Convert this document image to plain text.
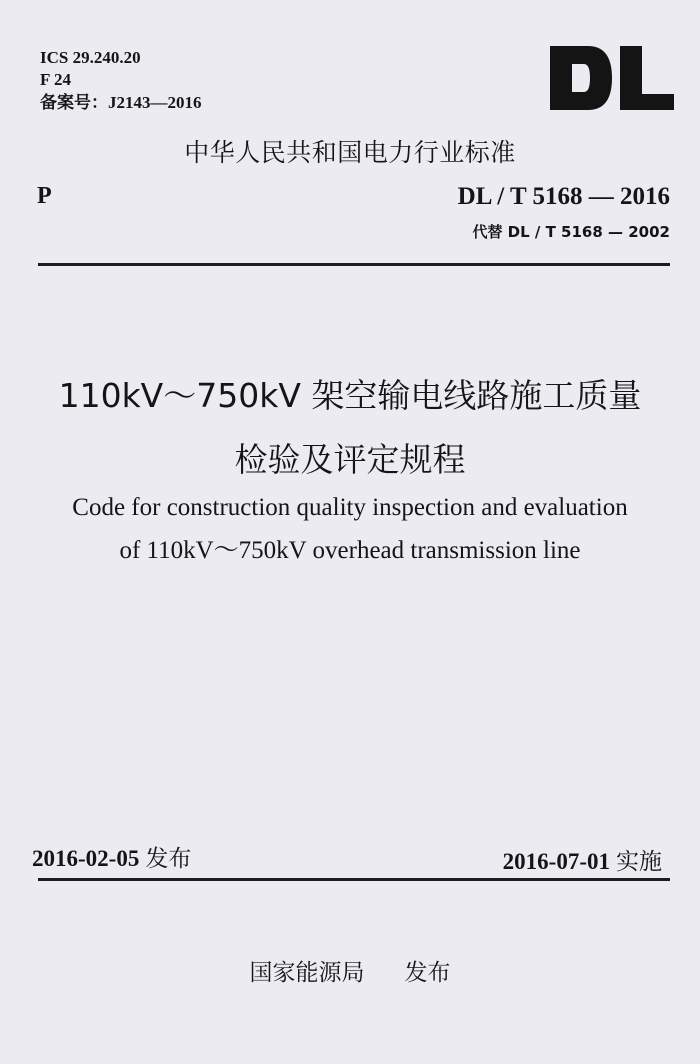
ICS 29.240.20
F 24
备案号：J2143—2016
中华人民共和国电力行业标准
P	DL / T 5168 — 2016
代替 DL / T 5168 — 2002
110kV～750kV 架空输电线路施工质量
检验及评定规程
Code for construction quality inspection and evaluation
of 110kV～750kV overhead transmission line
2016-02-05 发布	2016-07-01 实施
国家能源局 发布
